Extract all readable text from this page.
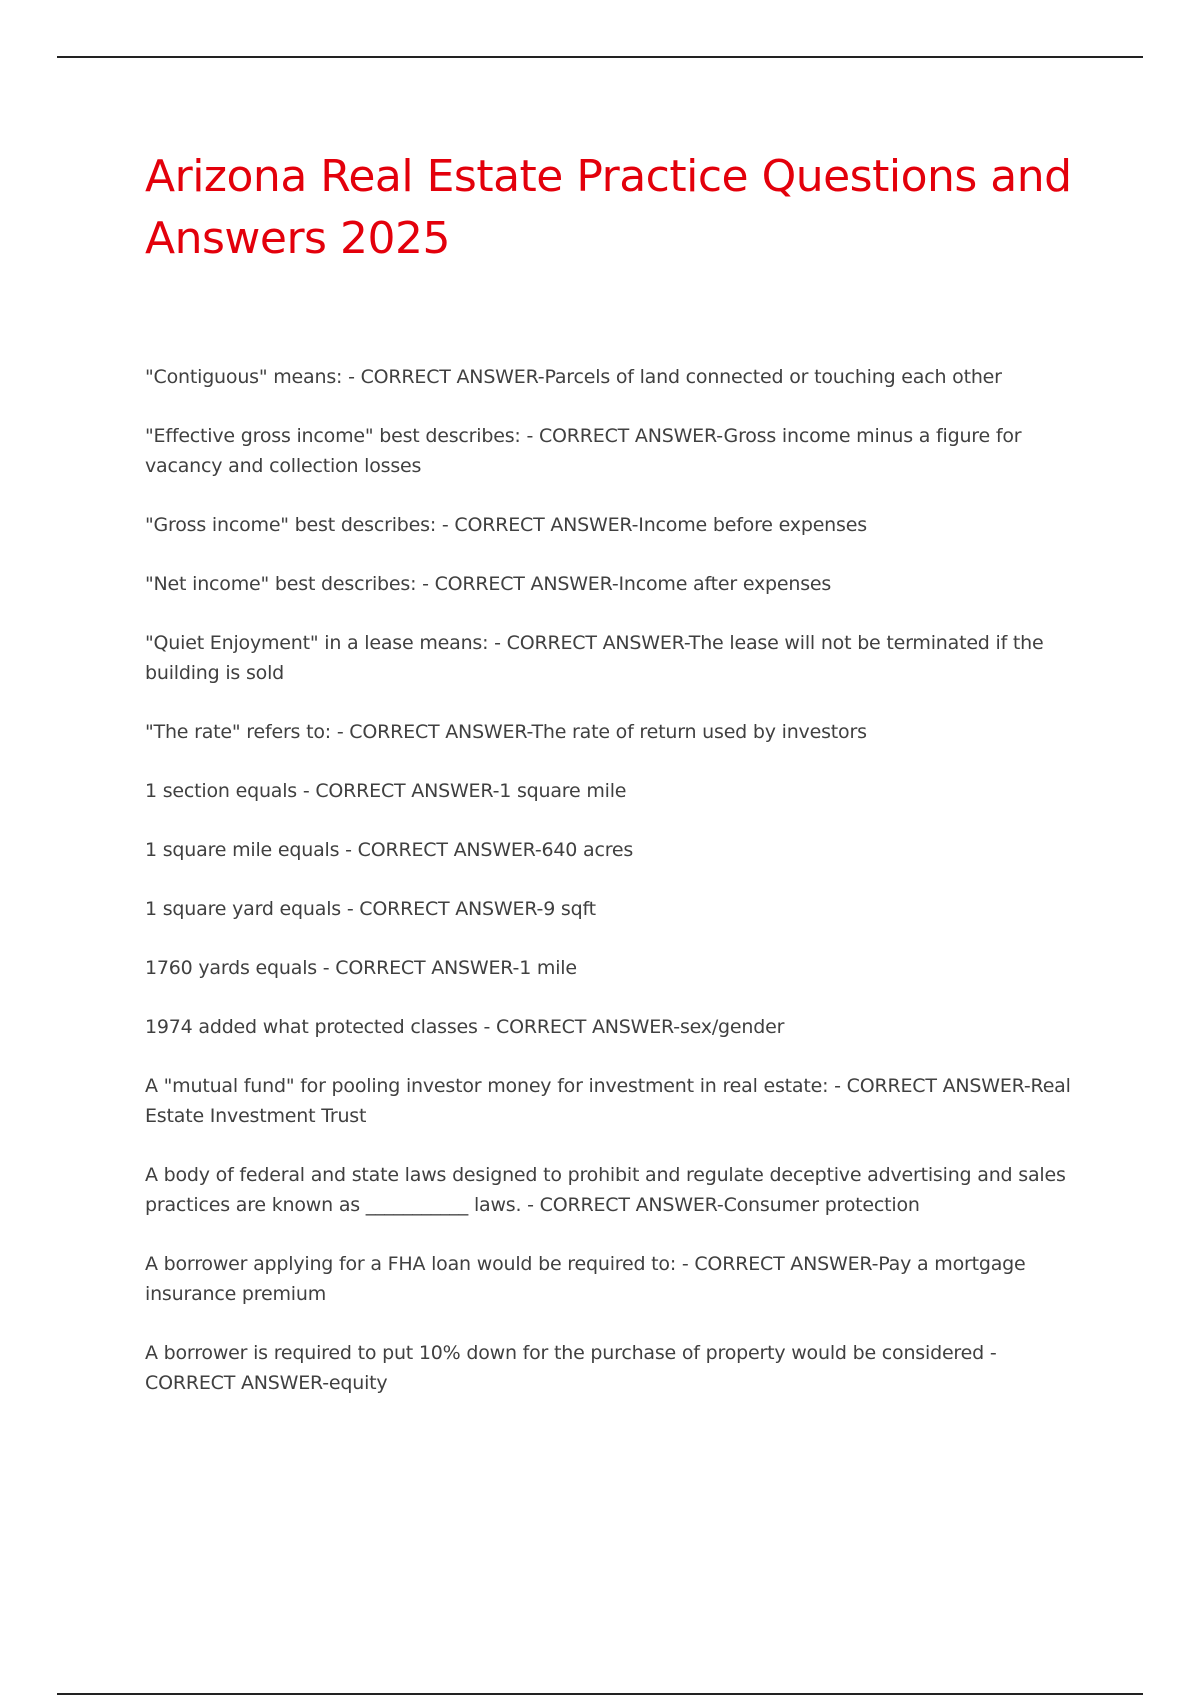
Arizona Real Estate Practice Questions and Answers 2025
"Contiguous" means: - CORRECT ANSWER-Parcels of land connected or touching each other
"Effective gross income" best describes: - CORRECT ANSWER-Gross income minus a figure for vacancy and collection losses
"Gross income" best describes: - CORRECT ANSWER-Income before expenses
"Net income" best describes: - CORRECT ANSWER-Income after expenses
"Quiet Enjoyment" in a lease means: - CORRECT ANSWER-The lease will not be terminated if the building is sold
"The rate" refers to: - CORRECT ANSWER-The rate of return used by investors
1 section equals - CORRECT ANSWER-1 square mile
1 square mile equals - CORRECT ANSWER-640 acres
1 square yard equals - CORRECT ANSWER-9 sqft
1760 yards equals - CORRECT ANSWER-1 mile
1974 added what protected classes - CORRECT ANSWER-sex/gender
A "mutual fund" for pooling investor money for investment in real estate: - CORRECT ANSWER-Real Estate Investment Trust
A body of federal and state laws designed to prohibit and regulate deceptive advertising and sales practices are known as ___________ laws. - CORRECT ANSWER-Consumer protection
A borrower applying for a FHA loan would be required to: - CORRECT ANSWER-Pay a mortgage insurance premium
A borrower is required to put 10% down for the purchase of property would be considered - CORRECT ANSWER-equity
